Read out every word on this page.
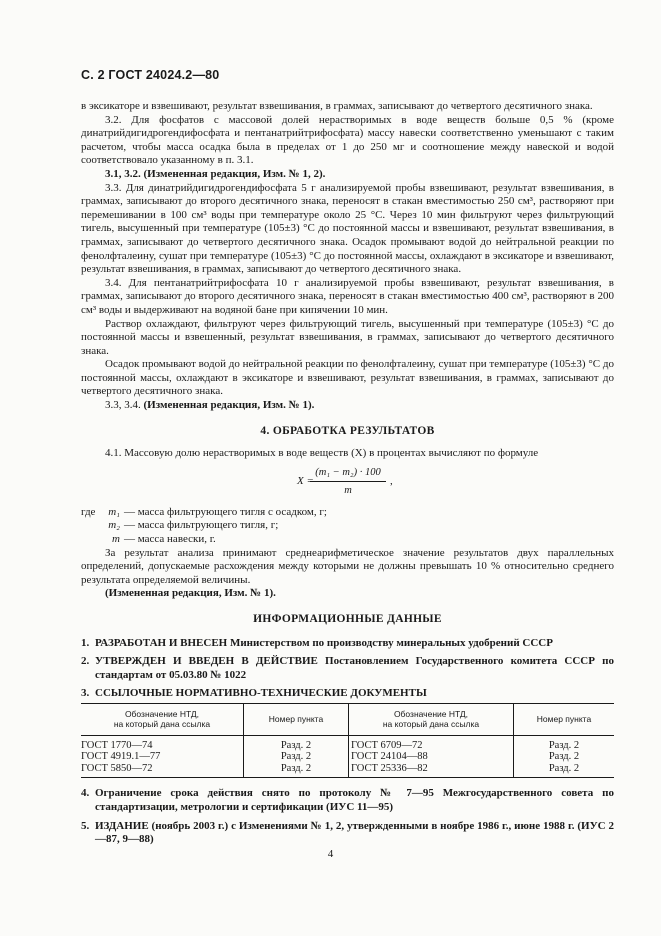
С. 2 ГОСТ 24024.2—80

в эксикаторе и взвешивают, результат взвешивания, в граммах, записывают до четвертого десятичного знака.

3.2. Для фосфатов с массовой долей нерастворимых в воде веществ больше 0,5 % (кроме динатрийдигидрогендифосфата и пентанатрийтрифосфата) массу навески соответственно уменьшают с таким расчетом, чтобы масса осадка была в пределах от 1 до 250 мг и соотношение между навеской и водой соответствовало указанному в п. 3.1.

3.1, 3.2. (Измененная редакция, Изм. № 1, 2).

3.3. Для динатрийдигидрогендифосфата 5 г анализируемой пробы взвешивают, результат взвешивания, в граммах, записывают до второго десятичного знака, переносят в стакан вместимостью 250 см³, растворяют при перемешивании в 100 см³ воды при температуре около 25 °С. Через 10 мин фильтруют через фильтрующий тигель, высушенный при температуре (105±3) °С до постоянной массы и взвешивают, результат взвешивания, в граммах, записывают до четвертого десятичного знака. Осадок промывают водой до нейтральной реакции по фенолфталеину, сушат при температуре (105±3) °С до постоянной массы, охлаждают в эксикаторе и взвешивают, результат взвешивания, в граммах, записывают до четвертого десятичного знака.

3.4. Для пентанатрийтрифосфата 10 г анализируемой пробы взвешивают, результат взвешивания, в граммах, записывают до второго десятичного знака, переносят в стакан вместимостью 400 см³, растворяют в 200 см³ воды и выдерживают на водяной бане при кипячении 10 мин.

Раствор охлаждают, фильтруют через фильтрующий тигель, высушенный при температуре (105±3) °С до постоянной массы и взвешенный, результат взвешивания, в граммах, записывают до четвертого десятичного знака.

Осадок промывают водой до нейтральной реакции по фенолфталеину, сушат при температуре (105±3) °С до постоянной массы, охлаждают в эксикаторе и взвешивают, результат взвешивания, в граммах, записывают до четвертого десятичного знака.

3.3, 3.4. (Измененная редакция, Изм. № 1).

4. ОБРАБОТКА РЕЗУЛЬТАТОВ

4.1. Массовую долю нерастворимых в воде веществ (X) в процентах вычисляют по формуле

X =
(m₁ − m₂) · 100
m
,
где	m₁ — масса фильтрующего тигля с осадком, г;
m₂ — масса фильтрующего тигля, г;
m — масса навески, г.

За результат анализа принимают среднеарифметическое значение результатов двух параллельных определений, допускаемые расхождения между которыми не должны превышать 10 % относительно среднего результата определяемой величины.

(Измененная редакция, Изм. № 1).

ИНФОРМАЦИОННЫЕ ДАННЫЕ
1. РАЗРАБОТАН И ВНЕСЕН Министерством по производству минеральных удобрений СССР
2. УТВЕРЖДЕН И ВВЕДЕН В ДЕЙСТВИЕ Постановлением Государственного комитета СССР по стандартам от 05.03.80 № 1022
3. ССЫЛОЧНЫЕ НОРМАТИВНО-ТЕХНИЧЕСКИЕ ДОКУМЕНТЫ
Обозначение НТД,
на который дана ссылка	Номер пункта	Обозначение НТД,
на который дана ссылка	Номер пункта
ГОСТ 1770—74	Разд. 2	ГОСТ 6709—72	Разд. 2
ГОСТ 4919.1—77	Разд. 2	ГОСТ 24104—88	Разд. 2
ГОСТ 5850—72	Разд. 2	ГОСТ 25336—82	Разд. 2
4. Ограничение срока действия снято по протоколу № 7—95 Межгосударственного совета по стандартизации, метрологии и сертификации (ИУС 11—95)
5. ИЗДАНИЕ (ноябрь 2003 г.) с Изменениями № 1, 2, утвержденными в ноябре 1986 г., июне 1988 г. (ИУС 2—87, 9—88)
4
